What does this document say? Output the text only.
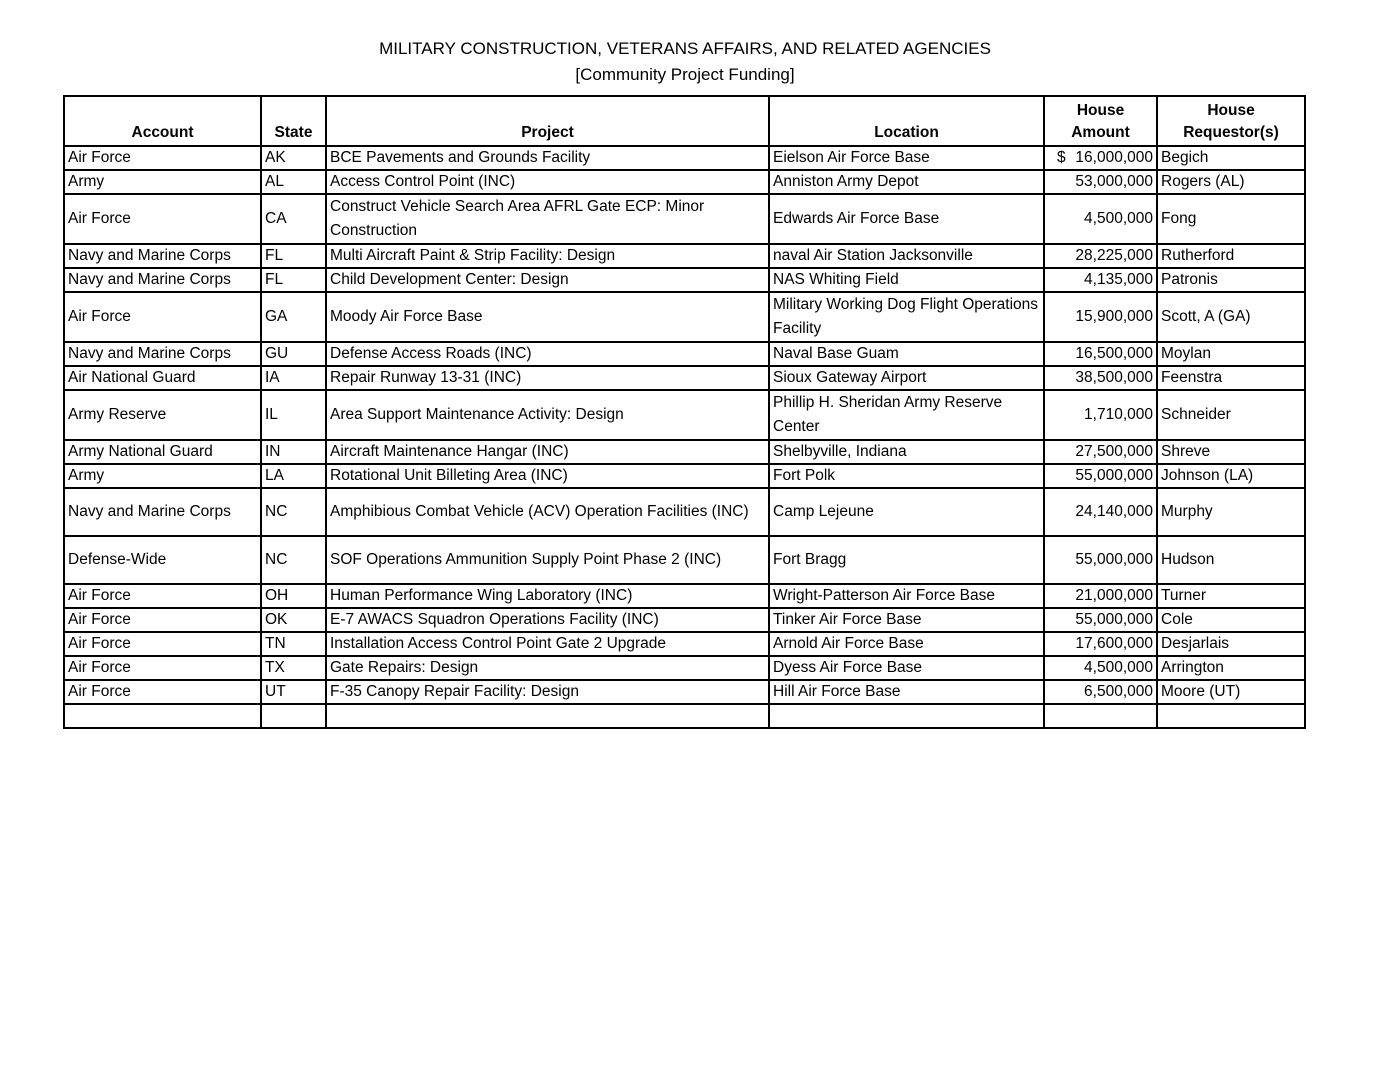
MILITARY CONSTRUCTION, VETERANS AFFAIRS, AND RELATED AGENCIES
[Community Project Funding]
Account	State	Project	Location	House Amount	House Requestor(s)
Air Force	AK	BCE Pavements and Grounds Facility	Eielson Air Force Base	$ 16,000,000	Begich
Army	AL	Access Control Point (INC)	Anniston Army Depot	53,000,000	Rogers (AL)
Air Force	CA	Construct Vehicle Search Area AFRL Gate ECP: Minor Construction	Edwards Air Force Base	4,500,000	Fong
Navy and Marine Corps	FL	Multi Aircraft Paint & Strip Facility: Design	naval Air Station Jacksonville	28,225,000	Rutherford
Navy and Marine Corps	FL	Child Development Center: Design	NAS Whiting Field	4,135,000	Patronis
Air Force	GA	Moody Air Force Base	Military Working Dog Flight Operations Facility	15,900,000	Scott, A (GA)
Navy and Marine Corps	GU	Defense Access Roads (INC)	Naval Base Guam	16,500,000	Moylan
Air National Guard	IA	Repair Runway 13-31 (INC)	Sioux Gateway Airport	38,500,000	Feenstra
Army Reserve	IL	Area Support Maintenance Activity: Design	Phillip H. Sheridan Army Reserve Center	1,710,000	Schneider
Army National Guard	IN	Aircraft Maintenance Hangar (INC)	Shelbyville, Indiana	27,500,000	Shreve
Army	LA	Rotational Unit Billeting Area (INC)	Fort Polk	55,000,000	Johnson (LA)
Navy and Marine Corps	NC	Amphibious Combat Vehicle (ACV) Operation Facilities (INC)	Camp Lejeune	24,140,000	Murphy
Defense-Wide	NC	SOF Operations Ammunition Supply Point Phase 2 (INC)	Fort Bragg	55,000,000	Hudson
Air Force	OH	Human Performance Wing Laboratory (INC)	Wright-Patterson Air Force Base	21,000,000	Turner
Air Force	OK	E-7 AWACS Squadron Operations Facility (INC)	Tinker Air Force Base	55,000,000	Cole
Air Force	TN	Installation Access Control Point Gate 2 Upgrade	Arnold Air Force Base	17,600,000	Desjarlais
Air Force	TX	Gate Repairs: Design	Dyess Air Force Base	4,500,000	Arrington
Air Force	UT	F-35 Canopy Repair Facility: Design	Hill Air Force Base	6,500,000	Moore (UT)
